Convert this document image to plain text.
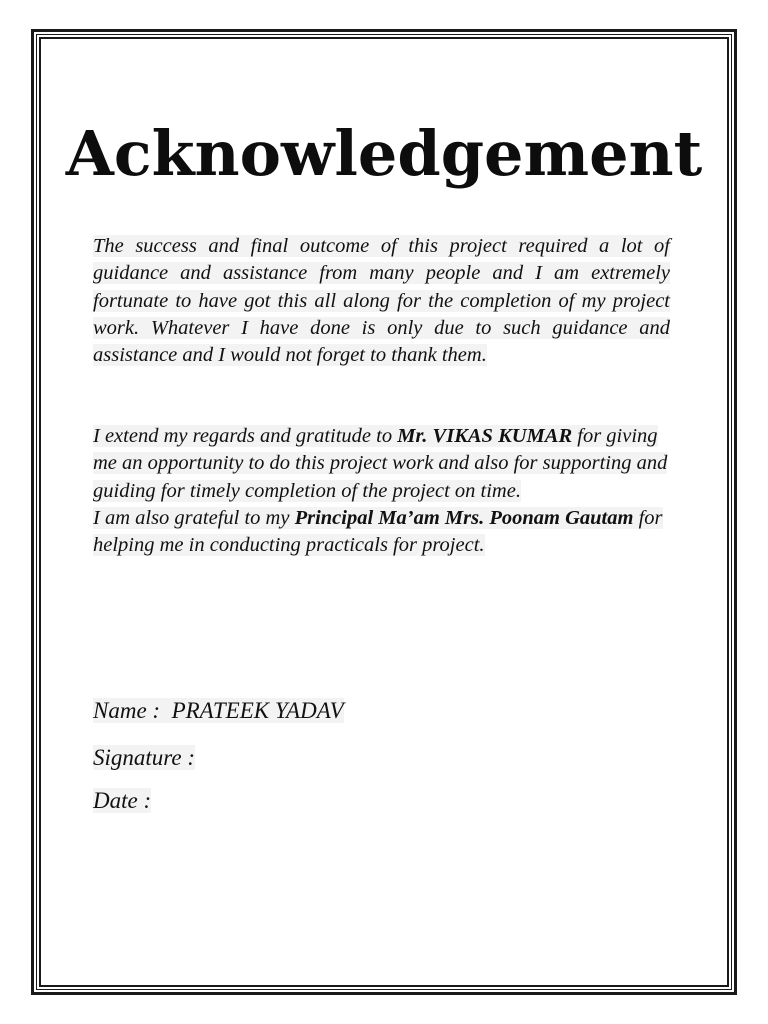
Acknowledgement

The success and final outcome of this project required a lot of guidance and assistance from many people and I am extremely fortunate to have got this all along for the completion of my project work. Whatever I have done is only due to such guidance and assistance and I would not forget to thank them.

I extend my regards and gratitude to Mr. VIKAS KUMAR for giving me an opportunity to do this project work and also for supporting and guiding for timely completion of the project on time.
I am also grateful to my Principal Ma’am Mrs. Poonam Gautam for helping me in conducting practicals for project.

Name : PRATEEK YADAV

Signature :

Date :
